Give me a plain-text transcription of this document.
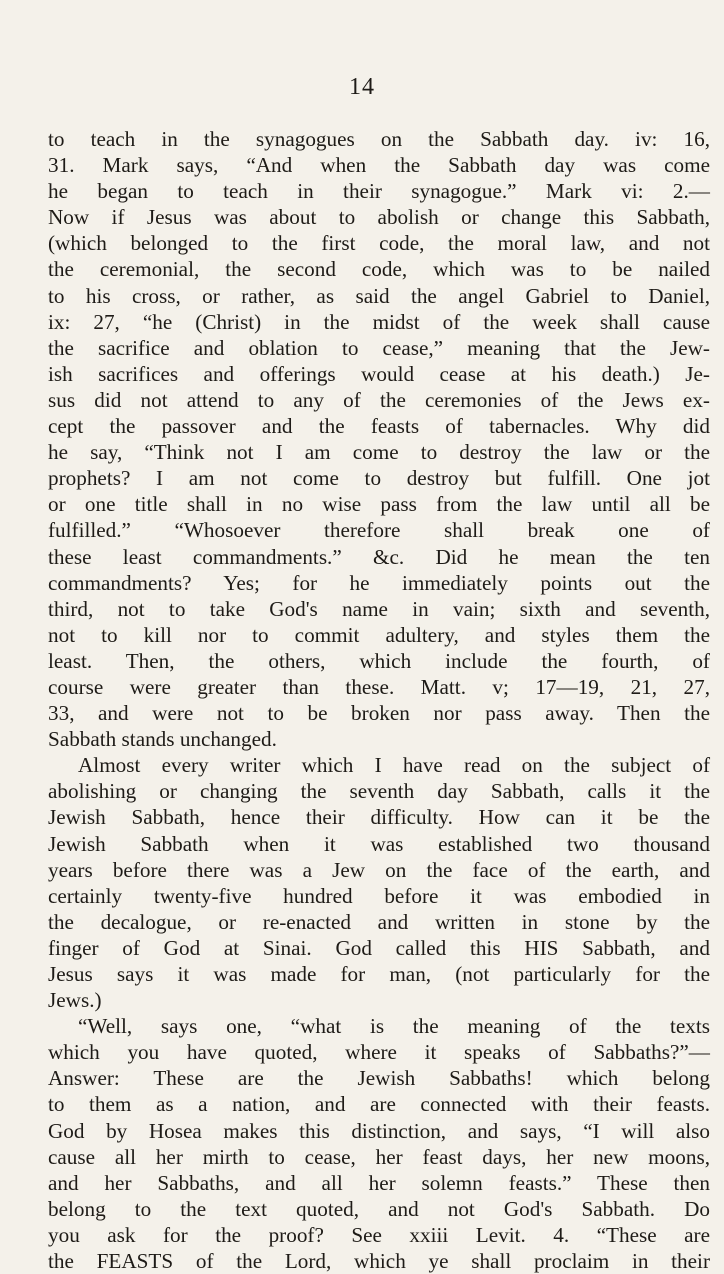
14
to teach in the synagogues on the Sabbath day. iv: 16,
31. Mark says, “And when the Sabbath day was come
he began to teach in their synagogue.” Mark vi: 2.—
Now if Jesus was about to abolish or change this Sabbath,
(which belonged to the first code, the moral law, and not
the ceremonial, the second code, which was to be nailed
to his cross, or rather, as said the angel Gabriel to Daniel,
ix: 27, “he (Christ) in the midst of the week shall cause
the sacrifice and oblation to cease,” meaning that the Jew-
ish sacrifices and offerings would cease at his death.) Je-
sus did not attend to any of the ceremonies of the Jews ex-
cept the passover and the feasts of tabernacles. Why did
he say, “Think not I am come to destroy the law or the
prophets? I am not come to destroy but fulfill. One jot
or one title shall in no wise pass from the law until all be
fulfilled.” “Whosoever therefore shall break one of
these least commandments.” &c. Did he mean the ten
commandments? Yes; for he immediately points out the
third, not to take God's name in vain; sixth and seventh,
not to kill nor to commit adultery, and styles them the
least. Then, the others, which include the fourth, of
course were greater than these. Matt. v; 17—19, 21, 27,
33, and were not to be broken nor pass away. Then the
Sabbath stands unchanged.
Almost every writer which I have read on the subject of
abolishing or changing the seventh day Sabbath, calls it the
Jewish Sabbath, hence their difficulty. How can it be the
Jewish Sabbath when it was established two thousand
years before there was a Jew on the face of the earth, and
certainly twenty-five hundred before it was embodied in
the decalogue, or re-enacted and written in stone by the
finger of God at Sinai. God called this HIS Sabbath, and
Jesus says it was made for man, (not particularly for the
Jews.)
“Well, says one, “what is the meaning of the texts
which you have quoted, where it speaks of Sabbaths?”—
Answer: These are the Jewish Sabbaths! which belong
to them as a nation, and are connected with their feasts.
God by Hosea makes this distinction, and says, “I will also
cause all her mirth to cease, her feast days, her new moons,
and her Sabbaths, and all her solemn feasts.” These then
belong to the text quoted, and not God's Sabbath. Do
you ask for the proof? See xxiii Levit. 4. “These are
the FEASTS of the Lord, which ye shall proclaim in their
